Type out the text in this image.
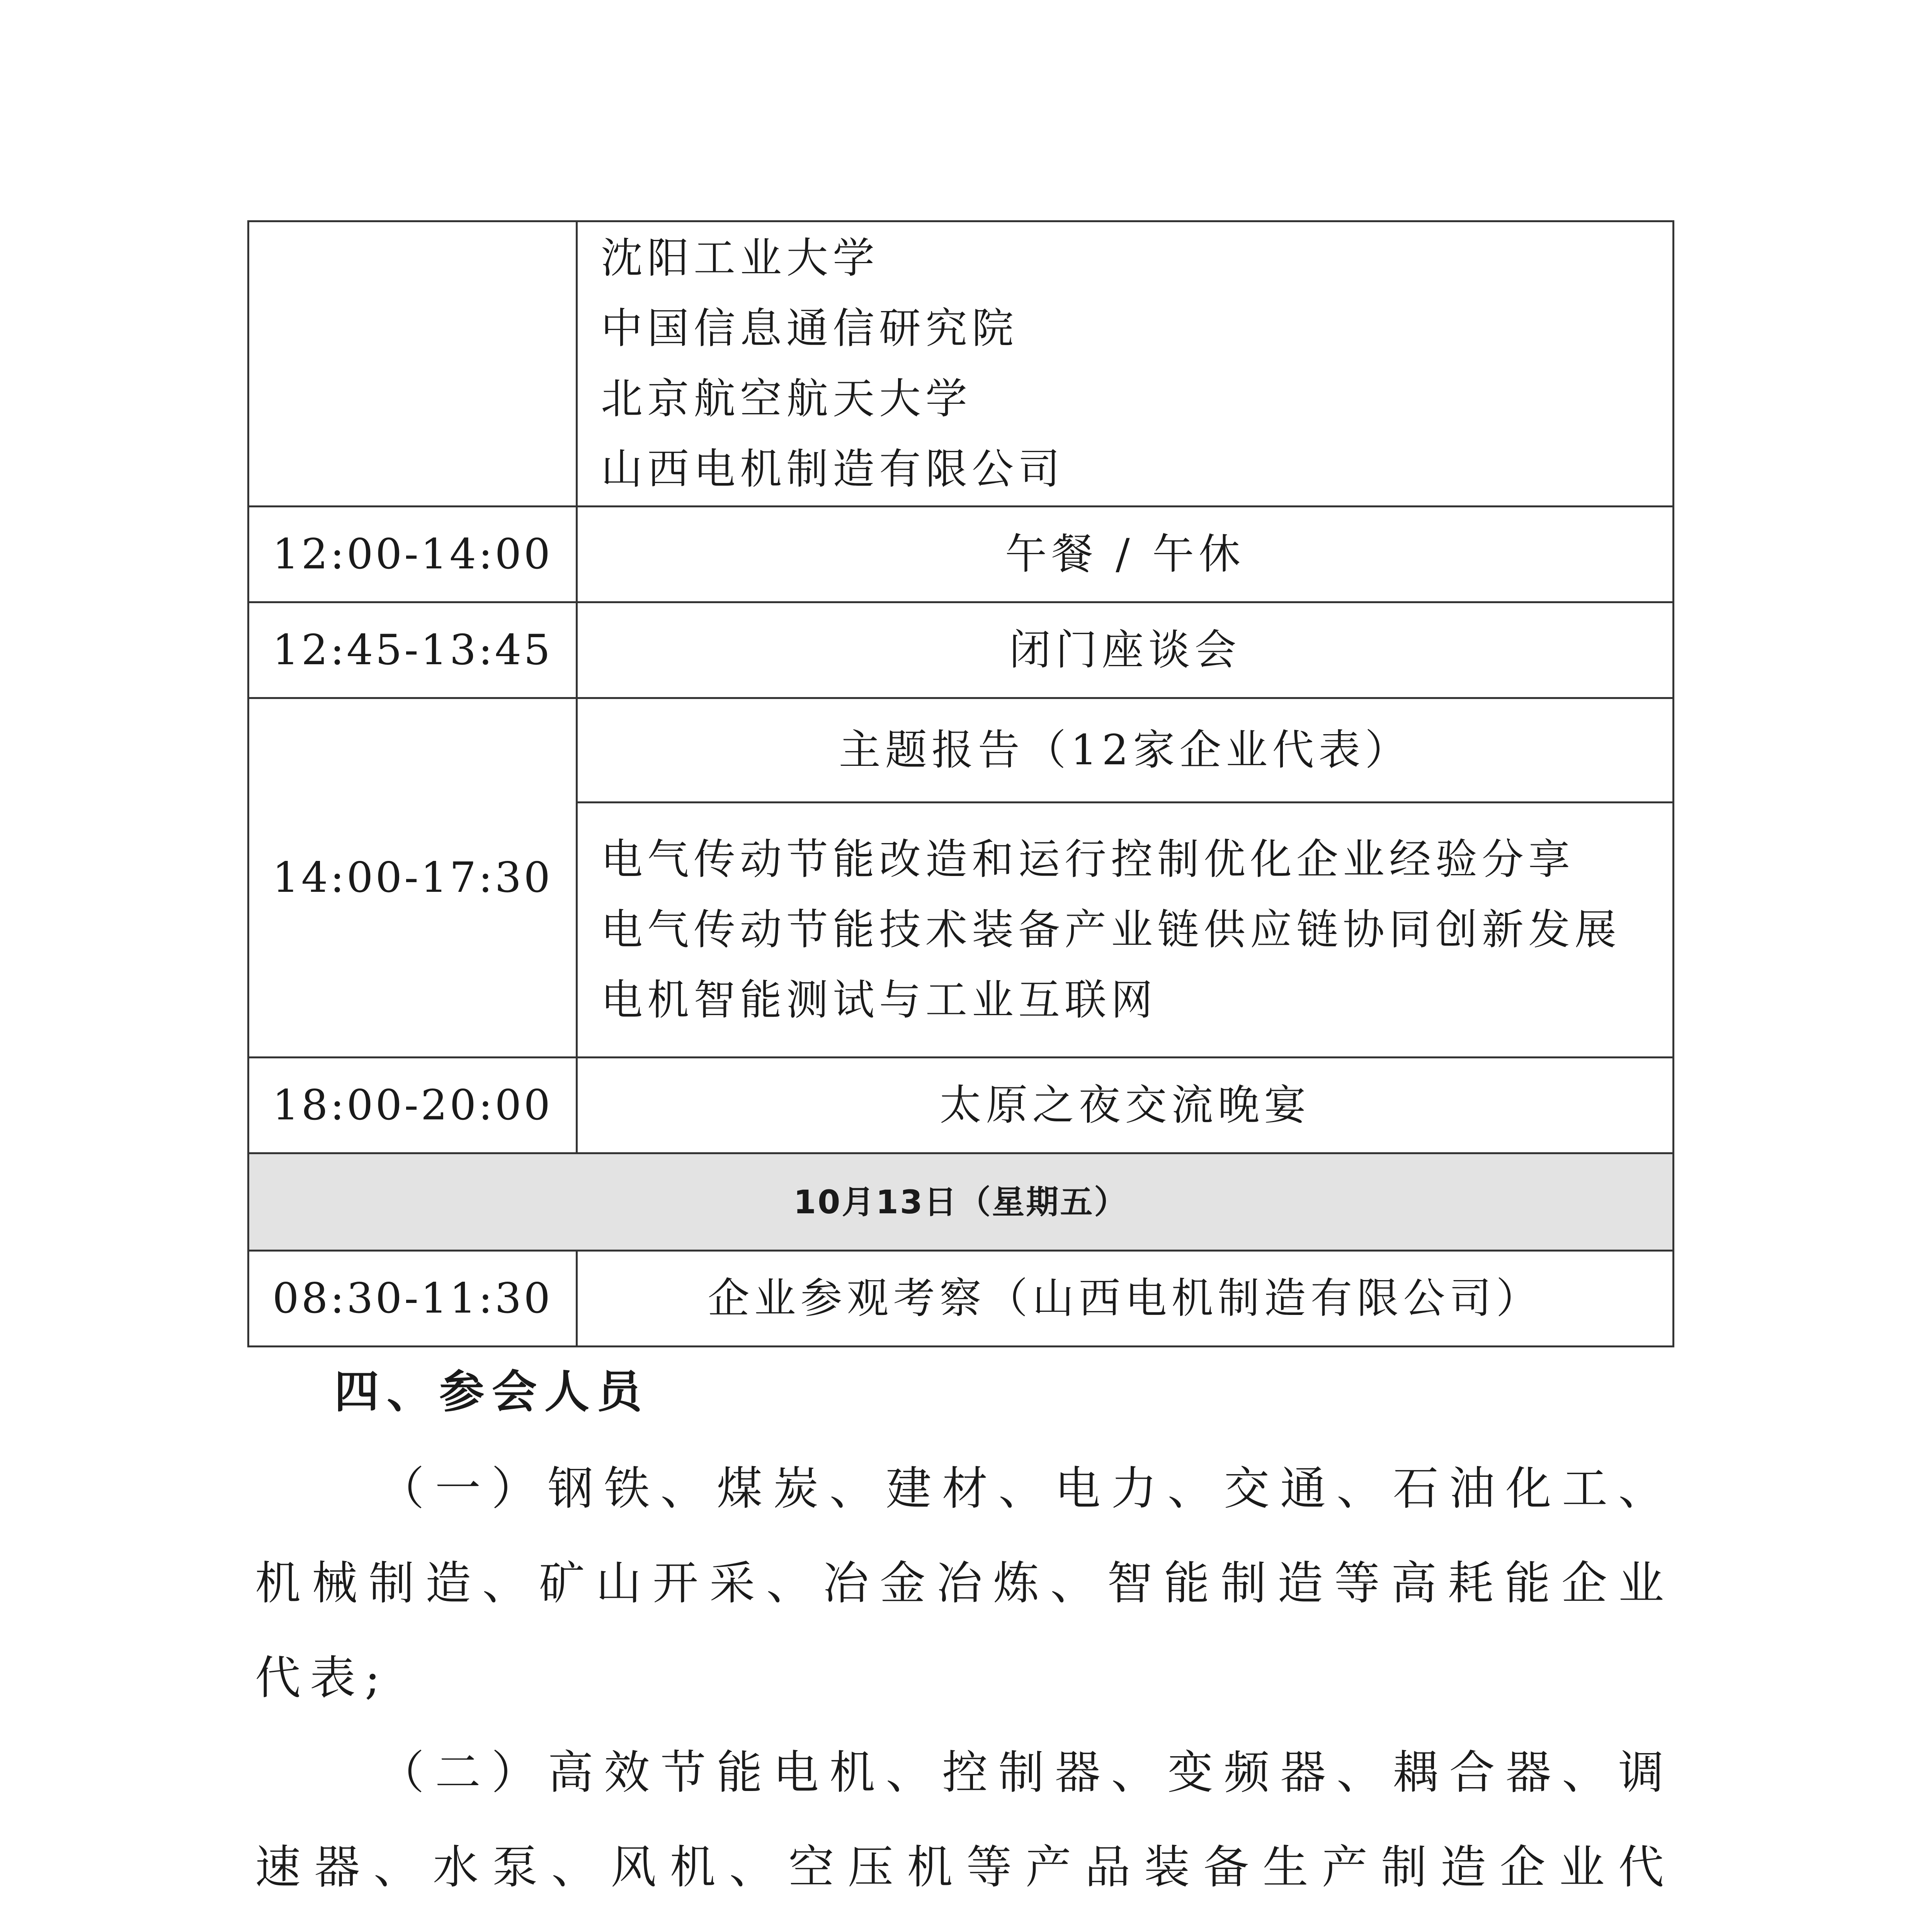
	沈阳工业大学
中国信息通信研究院
北京航空航天大学
山西电机制造有限公司

12:00-14:00	午餐 / 午休
12:45-13:45	闭门座谈会
14:00-17:30	主题报告（12家企业代表）

	电气传动节能改造和运行控制优化企业经验分享
电气传动节能技术装备产业链供应链协同创新发展
电机智能测试与工业互联网

18:00-20:00	太原之夜交流晚宴
10月13日（星期五）	
08:30-11:30	企业参观考察（山西电机制造有限公司）
四、参会人员

（一）钢铁、煤炭、建材、电力、交通、石油化工、机械制造、矿山开采、冶金冶炼、智能制造等高耗能企业代表;

（二）高效节能电机、控制器、变频器、耦合器、调速器、水泵、风机、空压机等产品装备生产制造企业代
